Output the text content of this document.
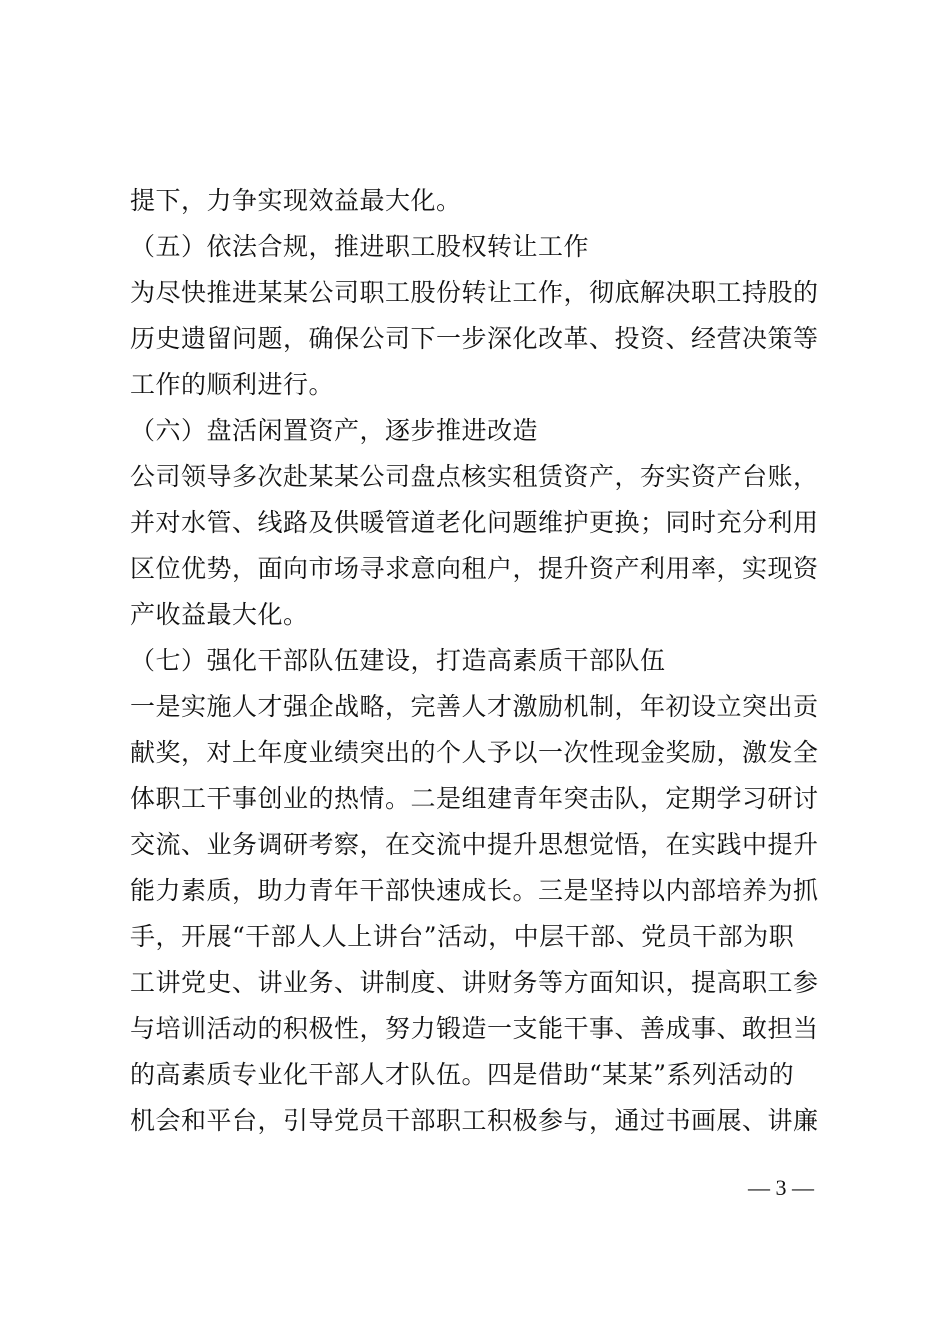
提下，力争实现效益最大化。
（五）依法合规，推进职工股权转让工作
为尽快推进某某公司职工股份转让工作，彻底解决职工持股的
历史遗留问题，确保公司下一步深化改革、投资、经营决策等
工作的顺利进行。
（六）盘活闲置资产，逐步推进改造
公司领导多次赴某某公司盘点核实租赁资产，夯实资产台账，
并对水管、线路及供暖管道老化问题维护更换；同时充分利用
区位优势，面向市场寻求意向租户，提升资产利用率，实现资
产收益最大化。
（七）强化干部队伍建设，打造高素质干部队伍
一是实施人才强企战略，完善人才激励机制，年初设立突出贡
献奖，对上年度业绩突出的个人予以一次性现金奖励，激发全
体职工干事创业的热情。二是组建青年突击队，定期学习研讨
交流、业务调研考察，在交流中提升思想觉悟，在实践中提升
能力素质，助力青年干部快速成长。三是坚持以内部培养为抓
手，开展“干部人人上讲台”活动，中层干部、党员干部为职
工讲党史、讲业务、讲制度、讲财务等方面知识，提高职工参
与培训活动的积极性，努力锻造一支能干事、善成事、敢担当
的高素质专业化干部人才队伍。四是借助“某某”系列活动的
机会和平台，引导党员干部职工积极参与，通过书画展、讲廉
— 3 —
